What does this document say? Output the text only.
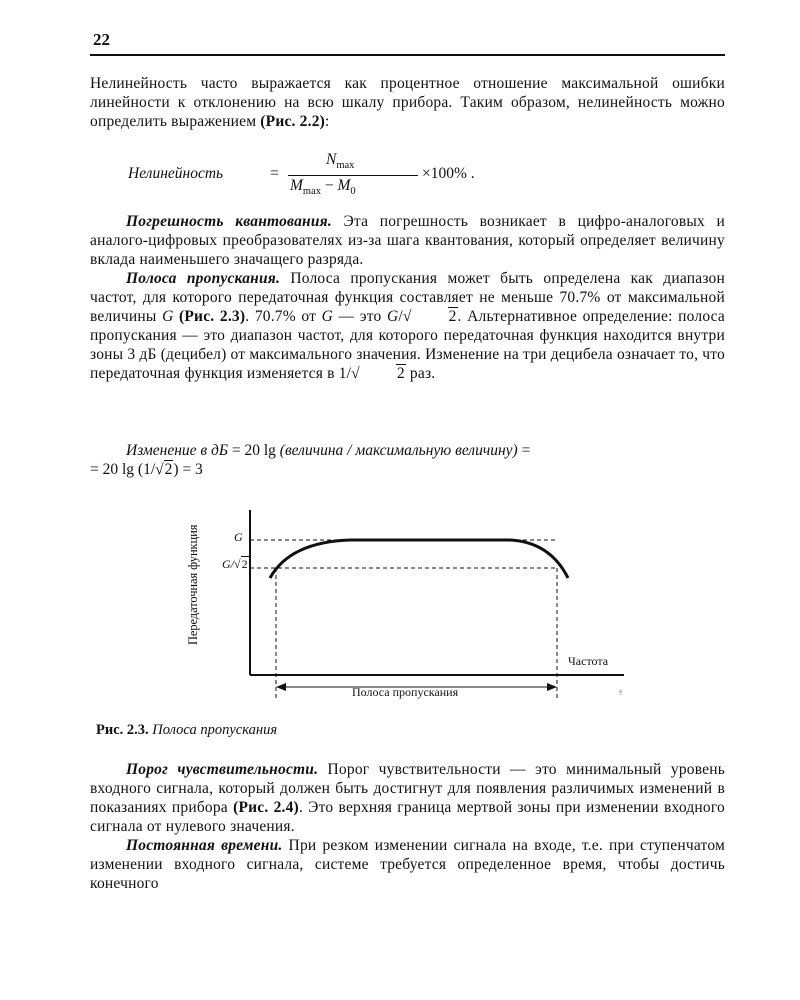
22

Нелинейность часто выражается как процентное отношение максимальной ошибки линейности к отклонению на всю шкалу прибора. Таким образом, нелинейность можно определить выражением (Рис. 2.2):

Нелинейность	=
$N_{max}$
$M_{max} - M_0$
×100% .

Погрешность квантования. Эта погрешность возникает в цифро-аналоговых и аналого-цифровых преобразователях из-за шага квантования, который определяет величину вклада наименьшего значащего разряда.

Полоса пропускания. Полоса пропускания может быть определена как диапазон частот, для которого передаточная функция составляет не меньше 70.7% от максимальной величины G (Рис. 2.3). 70.7% от G — это G/√ 2. Альтернативное определение: полоса пропускания — это диапазон частот, для которого передаточная функция находится внутри зоны 3 дБ (децибел) от максимального значения. Изменение на три децибела означает то, что передаточная функция изменяется в 1/√ 2 раз.

Изменение в дБ = 20 lg (величина / максимальную величину) =
= 20 lg (1/√2) = 3
Передаточная функция	G
G/√2
Частота
Полоса пропускания	rm
Рис. 2.3. Полоса пропускания

Порог чувствительности. Порог чувствительности — это минимальный уровень входного сигнала, который должен быть достигнут для появления различимых изменений в показаниях прибора (Рис. 2.4). Это верхняя граница мертвой зоны при изменении входного сигнала от нулевого значения.

Постоянная времени. При резком изменении сигнала на входе, т.е. при ступенчатом изменении входного сигнала, системе требуется определенное время, чтобы достичь конечного
